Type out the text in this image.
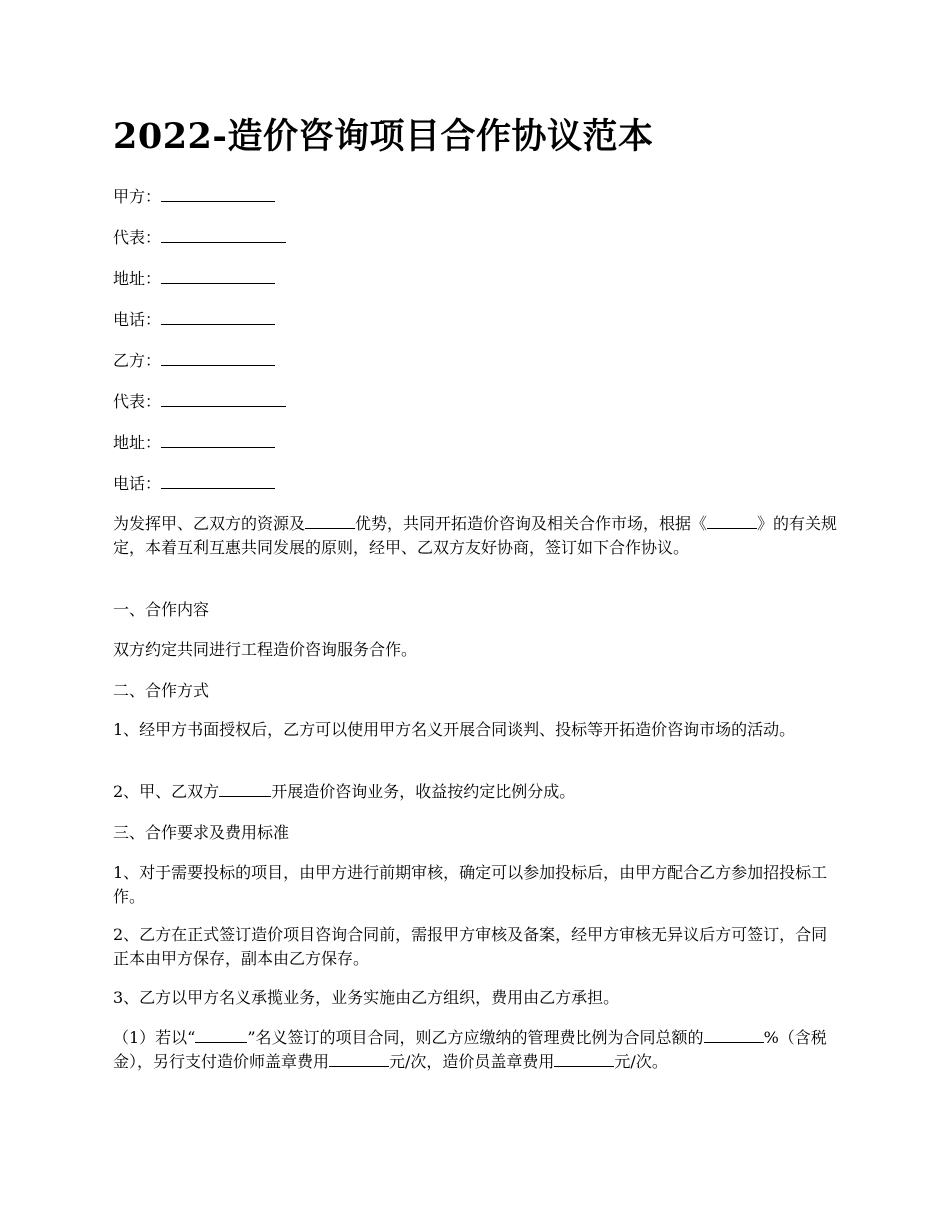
2022-造价咨询项目合作协议范本
甲方：
代表：
地址：
电话：
乙方：
代表：
地址：
电话：

为发挥甲、乙双方的资源及	优势，共同开拓造价咨询及相关合作市场，根据《	》的有关规定，本着互利互惠共同发展的原则，经甲、乙双方友好协商，签订如下合作协议。

一、合作内容

双方约定共同进行工程造价咨询服务合作。

二、合作方式

1、经甲方书面授权后，乙方可以使用甲方名义开展合同谈判、投标等开拓造价咨询市场的活动。

2、甲、乙双方	开展造价咨询业务，收益按约定比例分成。

三、合作要求及费用标准

1、对于需要投标的项目，由甲方进行前期审核，确定可以参加投标后，由甲方配合乙方参加招投标工作。

2、乙方在正式签订造价项目咨询合同前，需报甲方审核及备案，经甲方审核无异议后方可签订，合同正本由甲方保存，副本由乙方保存。

3、乙方以甲方名义承揽业务，业务实施由乙方组织，费用由乙方承担。

（1）若以“	”名义签订的项目合同，则乙方应缴纳的管理费比例为合同总额的	%（含税金），另行支付造价师盖章费用	元/次，造价员盖章费用	元/次。
